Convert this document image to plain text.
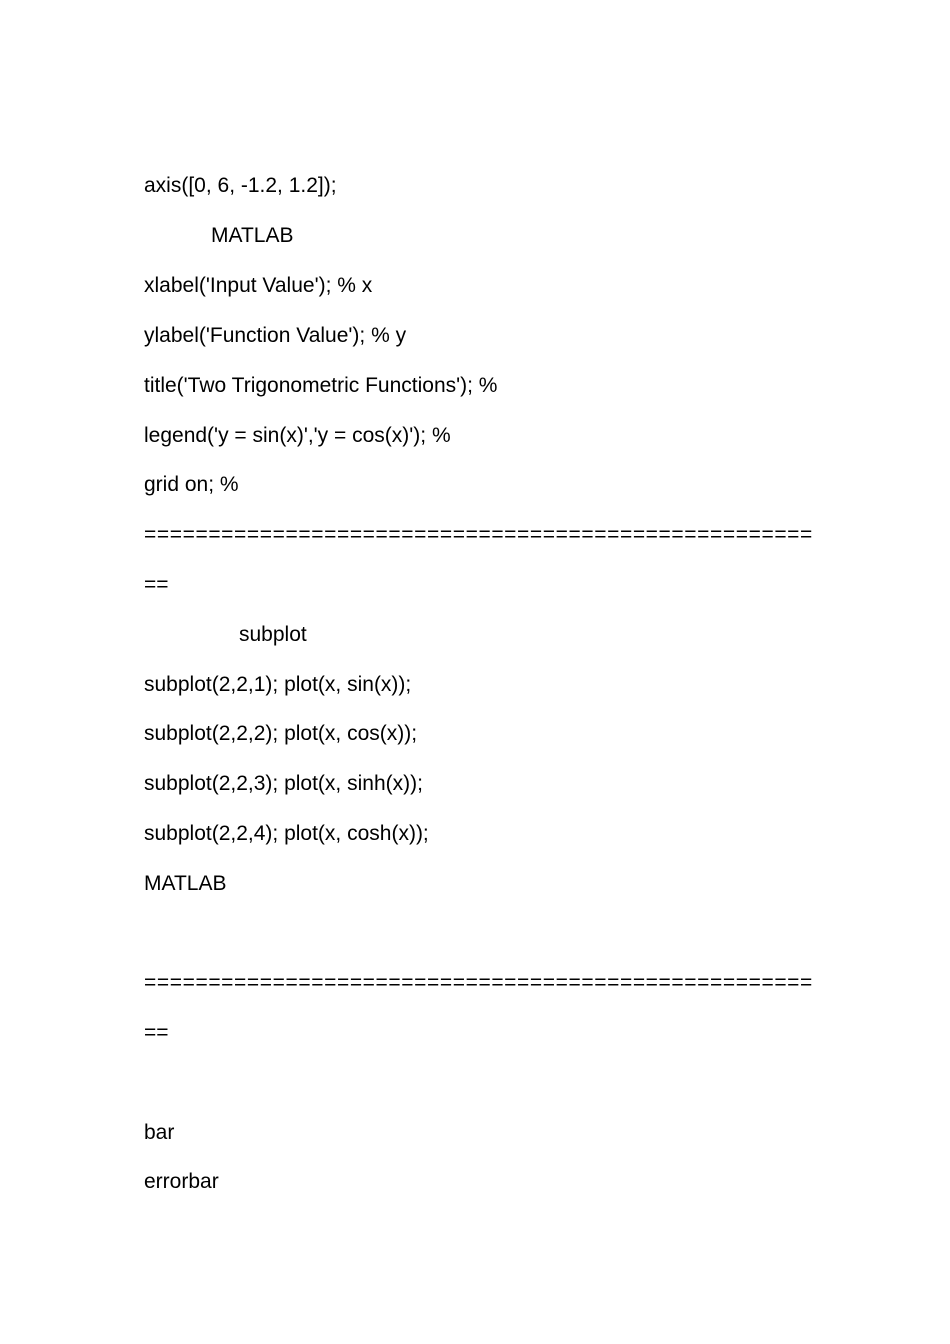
axis([0, 6, -1.2, 1.2]);
MATLAB
xlabel('Input Value'); % x
ylabel('Function Value'); % y
title('Two Trigonometric Functions'); %
legend('y = sin(x)','y = cos(x)'); %
grid on; %
====================================================
==
subplot
subplot(2,2,1); plot(x, sin(x));
subplot(2,2,2); plot(x, cos(x));
subplot(2,2,3); plot(x, sinh(x));
subplot(2,2,4); plot(x, cosh(x));
MATLAB
====================================================
==
bar
errorbar
